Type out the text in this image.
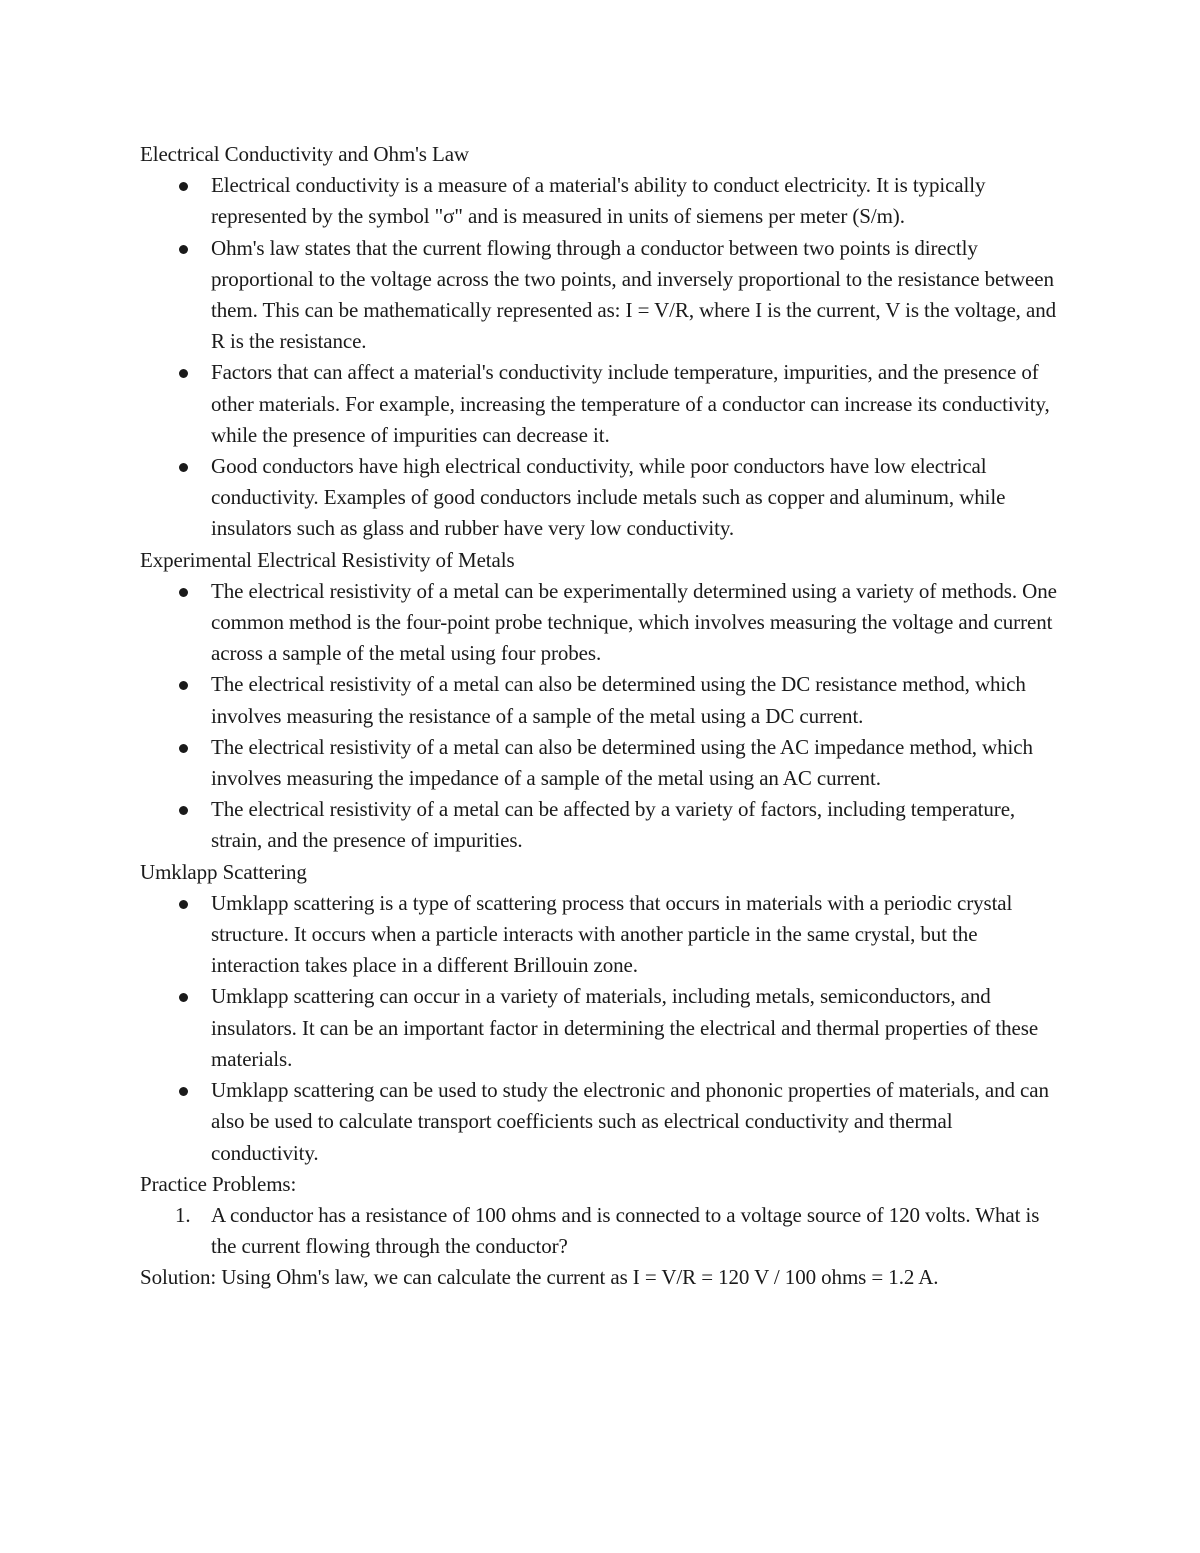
Electrical Conductivity and Ohm's Law

Electrical conductivity is a measure of a material's ability to conduct electricity. It is typically represented by the symbol "σ" and is measured in units of siemens per meter (S/m).
Ohm's law states that the current flowing through a conductor between two points is directly proportional to the voltage across the two points, and inversely proportional to the resistance between them. This can be mathematically represented as: I = V/R, where I is the current, V is the voltage, and R is the resistance.
Factors that can affect a material's conductivity include temperature, impurities, and the presence of other materials. For example, increasing the temperature of a conductor can increase its conductivity, while the presence of impurities can decrease it.
Good conductors have high electrical conductivity, while poor conductors have low electrical conductivity. Examples of good conductors include metals such as copper and aluminum, while insulators such as glass and rubber have very low conductivity.

Experimental Electrical Resistivity of Metals

The electrical resistivity of a metal can be experimentally determined using a variety of methods. One common method is the four-point probe technique, which involves measuring the voltage and current across a sample of the metal using four probes.
The electrical resistivity of a metal can also be determined using the DC resistance method, which involves measuring the resistance of a sample of the metal using a DC current.
The electrical resistivity of a metal can also be determined using the AC impedance method, which involves measuring the impedance of a sample of the metal using an AC current.
The electrical resistivity of a metal can be affected by a variety of factors, including temperature, strain, and the presence of impurities.

Umklapp Scattering

Umklapp scattering is a type of scattering process that occurs in materials with a periodic crystal structure. It occurs when a particle interacts with another particle in the same crystal, but the interaction takes place in a different Brillouin zone.
Umklapp scattering can occur in a variety of materials, including metals, semiconductors, and insulators. It can be an important factor in determining the electrical and thermal properties of these materials.
Umklapp scattering can be used to study the electronic and phononic properties of materials, and can also be used to calculate transport coefficients such as electrical conductivity and thermal conductivity.

Practice Problems:

1. A conductor has a resistance of 100 ohms and is connected to a voltage source of 120 volts. What is the current flowing through the conductor?

Solution: Using Ohm's law, we can calculate the current as I = V/R = 120 V / 100 ohms = 1.2 A.
